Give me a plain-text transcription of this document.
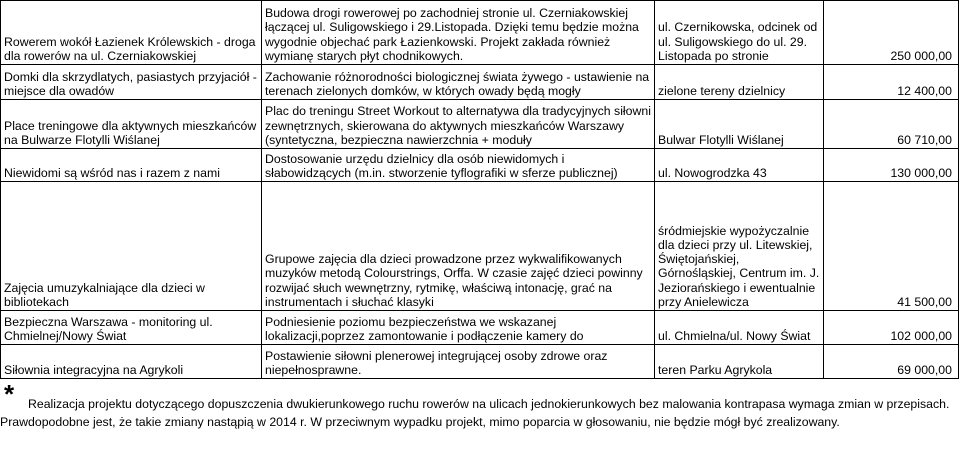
Rowerem wokół Łazienek Królewskich - droga dla rowerów na ul. Czerniakowskiej	Budowa drogi rowerowej po zachodniej stronie ul. Czerniakowskiej łączącej ul. Suligowskiego i 29.Listopada. Dzięki temu będzie można wygodnie objechać park Łazienkowski. Projekt zakłada również wymianę starych płyt chodnikowych.	ul. Czernikowska, odcinek od ul. Suligowskiego do ul. 29. Listopada po stronie	250 000,00
Domki dla skrzydlatych, pasiastych przyjaciół - miejsce dla owadów	Zachowanie różnorodności biologicznej świata żywego - ustawienie na terenach zielonych domków, w których owady będą mogły	zielone tereny dzielnicy	12 400,00
Place treningowe dla aktywnych mieszkańców na Bulwarze Flotylli Wiślanej	Plac do treningu Street Workout to alternatywa dla tradycyjnych siłowni zewnętrznych, skierowana do aktywnych mieszkańców Warszawy (syntetyczna, bezpieczna nawierzchnia + moduły	Bulwar Flotylli Wiślanej	60 710,00
Niewidomi są wśród nas i razem z nami	Dostosowanie urzędu dzielnicy dla osób niewidomych i słabowidzących (m.in. stworzenie tyflografiki w sferze publicznej)	ul. Nowogrodzka 43	130 000,00
Zajęcia umuzykalniające dla dzieci w bibliotekach	Grupowe zajęcia dla dzieci prowadzone przez wykwalifikowanych muzyków metodą Colourstrings, Orffa. W czasie zajęć dzieci powinny rozwijać słuch wewnętrzny, rytmikę, właściwą intonację, grać na instrumentach i słuchać klasyki	śródmiejskie wypożyczalnie dla dzieci przy ul. Litewskiej, Świętojańskiej, Górnośląskiej, Centrum im. J. Jeziorańskiego i ewentualnie przy Anielewicza	41 500,00
Bezpieczna Warszawa - monitoring ul. Chmielnej/Nowy Świat	Podniesienie poziomu bezpieczeństwa we wskazanej lokalizacji,poprzez zamontowanie i podłączenie kamery do	ul. Chmielna/ul. Nowy Świat	102 000,00
Siłownia integracyjna na Agrykoli	Postawienie siłowni plenerowej integrującej osoby zdrowe oraz niepełnosprawne.	teren Parku Agrykola	69 000,00
*	Realizacja projektu dotyczącego dopuszczenia dwukierunkowego ruchu rowerów na ulicach jednokierunkowych bez malowania kontrapasa wymaga zmian w przepisach. Prawdopodobne jest, że takie zmiany nastąpią w 2014 r. W przeciwnym wypadku projekt, mimo poparcia w głosowaniu, nie będzie mógł być zrealizowany.
